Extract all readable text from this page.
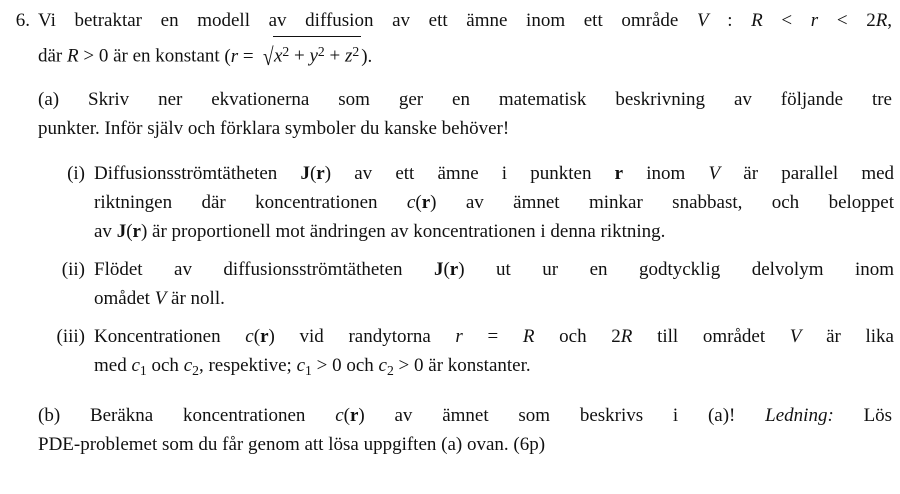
6. Vi betraktar en modell av diffusion av ett ämne inom ett område V : R < r < 2R,
där R > 0 är en konstant ($r = √x^2 + y^2 + z^2$ ).
(a) Skriv ner ekvationerna som ger en matematisk beskrivning av följande tre
punkter. Inför själv och förklara symboler du kanske behöver!
(i) Diffusionsströmtätheten J(r) av ett ämne i punkten r inom V är parallel med
riktningen där koncentrationen c(r) av ämnet minkar snabbast, och beloppet
av J(r) är proportionell mot ändringen av koncentrationen i denna riktning.
(ii) Flödet av diffusionsströmtätheten J(r) ut ur en godtycklig delvolym inom
omådet V är noll.
(iii) Koncentrationen c(r) vid randytorna r = R och 2R till området V är lika
med $c_1$ och $c_2$, respektive; $c_1 > 0$ och $c_2 > 0$ är konstanter.
(b) Beräkna koncentrationen c(r) av ämnet som beskrivs i (a)! Ledning: Lös
PDE-problemet som du får genom att lösa uppgiften (a) ovan. (6p)
